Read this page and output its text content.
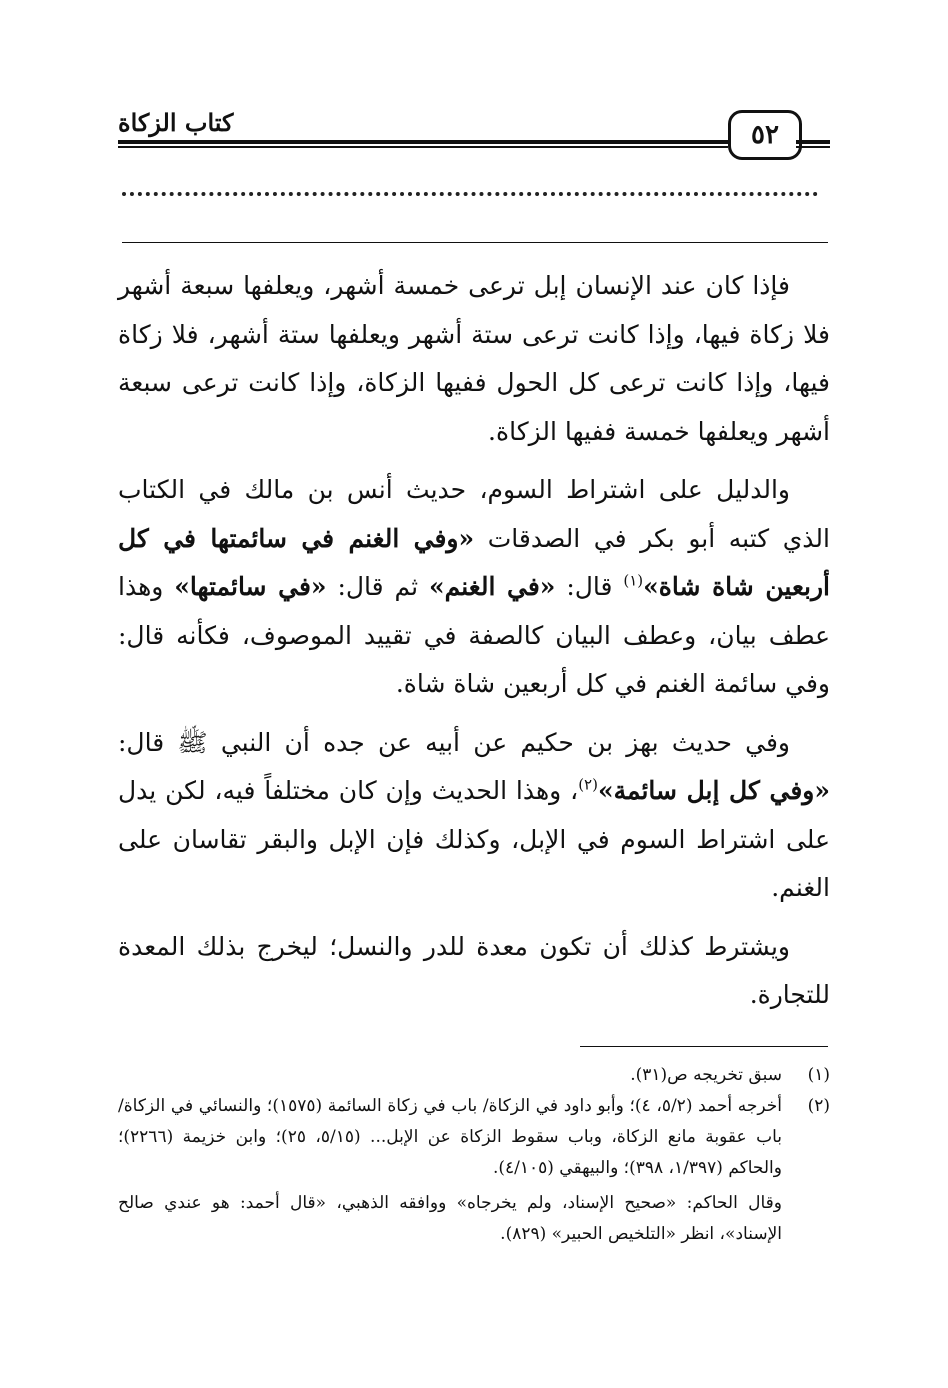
كتاب الزكاة	٥٢

فإذا كان عند الإنسان إبل ترعى خمسة أشهر، ويعلفها سبعة أشهر فلا زكاة فيها، وإذا كانت ترعى ستة أشهر ويعلفها ستة أشهر، فلا زكاة فيها، وإذا كانت ترعى كل الحول ففيها الزكاة، وإذا كانت ترعى سبعة أشهر ويعلفها خمسة ففيها الزكاة.

والدليل على اشتراط السوم، حديث أنس بن مالك في الكتاب الذي كتبه أبو بكر في الصدقات «وفي الغنم في سائمتها في كل أربعين شاة شاة»$^{(١)}$ قال: «في الغنم» ثم قال: «في سائمتها» وهذا عطف بيان، وعطف البيان كالصفة في تقييد الموصوف، فكأنه قال: وفي سائمة الغنم في كل أربعين شاة شاة.

وفي حديث بهز بن حكيم عن أبيه عن جده أن النبي ﷺ قال: «وفي كل إبل سائمة»$^{(٢)}$، وهذا الحديث وإن كان مختلفاً فيه، لكن يدل على اشتراط السوم في الإبل، وكذلك فإن الإبل والبقر تقاسان على الغنم.

ويشترط كذلك أن تكون معدة للدر والنسل؛ ليخرج بذلك المعدة للتجارة.

(١)
سبق تخريجه ص(٣١).
(٢)
أخرجه أحمد (٥/٢، ٤)؛ وأبو داود في الزكاة/ باب في زكاة السائمة (١٥٧٥)؛ والنسائي في الزكاة/ باب عقوبة مانع الزكاة، وباب سقوط الزكاة عن الإبل... (٥/١٥، ٢٥)؛ وابن خزيمة (٢٢٦٦)؛ والحاكم (١/٣٩٧، ٣٩٨)؛ والبيهقي (٤/١٠٥).
وقال الحاكم: «صحيح الإسناد، ولم يخرجاه» ووافقه الذهبي، «قال أحمد: هو عندي صالح الإسناد»، انظر «التلخيص الحبير» (٨٢٩).
